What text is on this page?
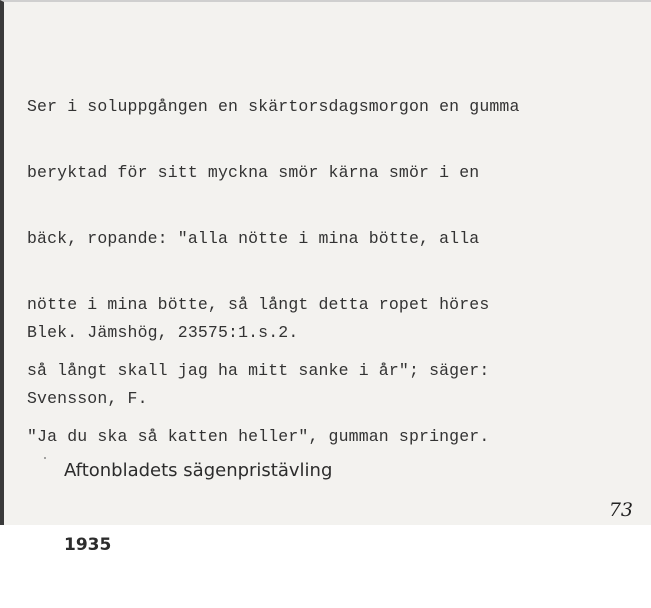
Ser i soluppgången en skärtorsdagsmorgon en gumma

beryktad för sitt myckna smör kärna smör i en

bäck, ropande: "alla nötte i mina bötte, alla

nötte i mina bötte, så långt detta ropet höres

så långt skall jag ha mitt sanke i år"; säger:

"Ja du ska så katten heller", gumman springer.

Blek. Jämshög, 23575:1.s.2.

Svensson, F.

Aftonbladets sägenpristävling

1935

73
